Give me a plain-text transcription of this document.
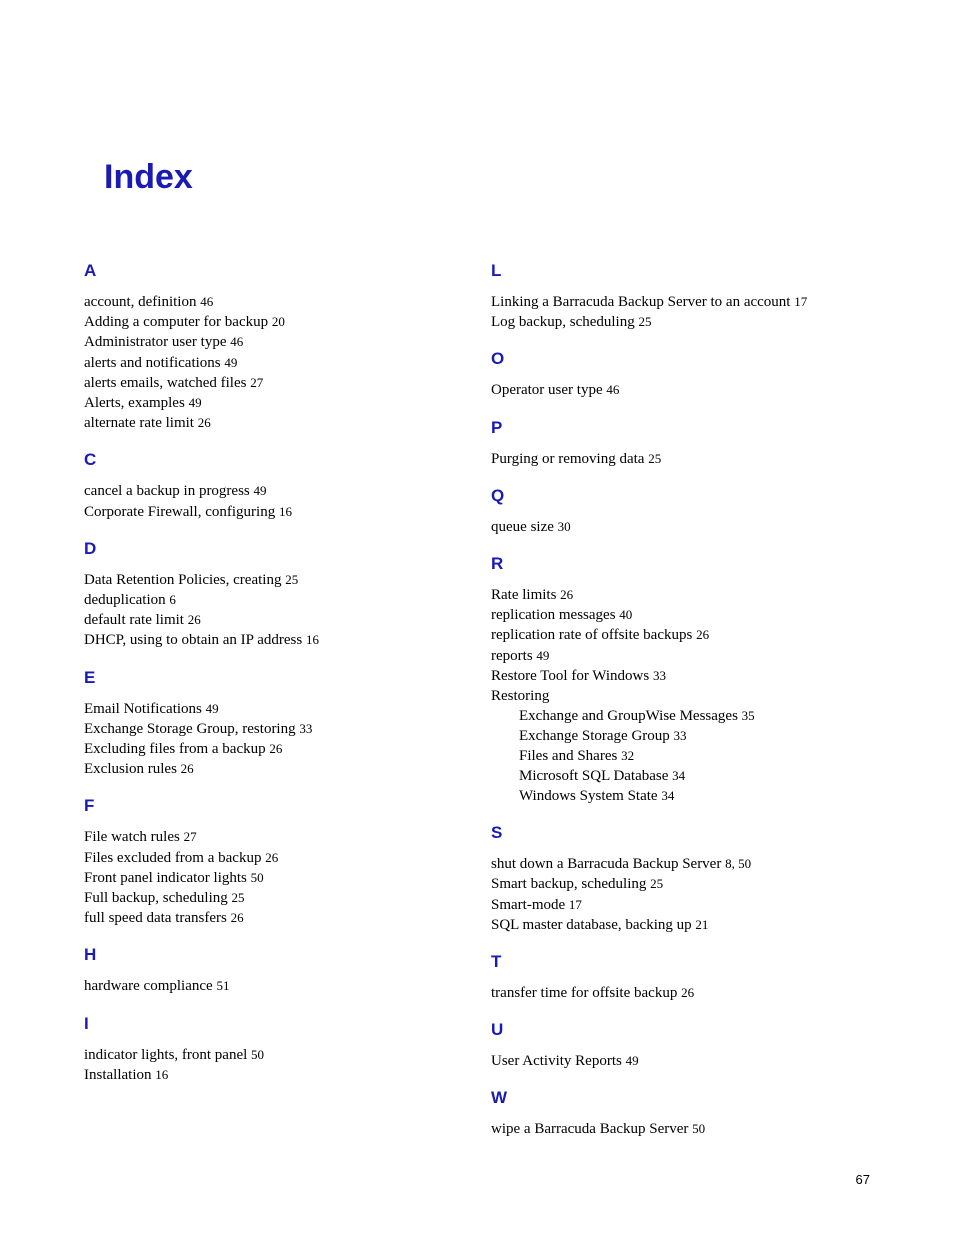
Index
A
account, definition 46
Adding a computer for backup 20
Administrator user type 46
alerts and notifications 49
alerts emails, watched files 27
Alerts, examples 49
alternate rate limit 26
C
cancel a backup in progress 49
Corporate Firewall, configuring 16
D
Data Retention Policies, creating 25
deduplication 6
default rate limit 26
DHCP, using to obtain an IP address 16
E
Email Notifications 49
Exchange Storage Group, restoring 33
Excluding files from a backup 26
Exclusion rules 26
F
File watch rules 27
Files excluded from a backup 26
Front panel indicator lights 50
Full backup, scheduling 25
full speed data transfers 26
H
hardware compliance 51
I
indicator lights, front panel 50
Installation 16
L
Linking a Barracuda Backup Server to an account 17
Log backup, scheduling 25
O
Operator user type 46
P
Purging or removing data 25
Q
queue size 30
R
Rate limits 26
replication messages 40
replication rate of offsite backups 26
reports 49
Restore Tool for Windows 33
Restoring
Exchange and GroupWise Messages 35
Exchange Storage Group 33
Files and Shares 32
Microsoft SQL Database 34
Windows System State 34
S
shut down a Barracuda Backup Server 8, 50
Smart backup, scheduling 25
Smart-mode 17
SQL master database, backing up 21
T
transfer time for offsite backup 26
U
User Activity Reports 49
W
wipe a Barracuda Backup Server 50
67
